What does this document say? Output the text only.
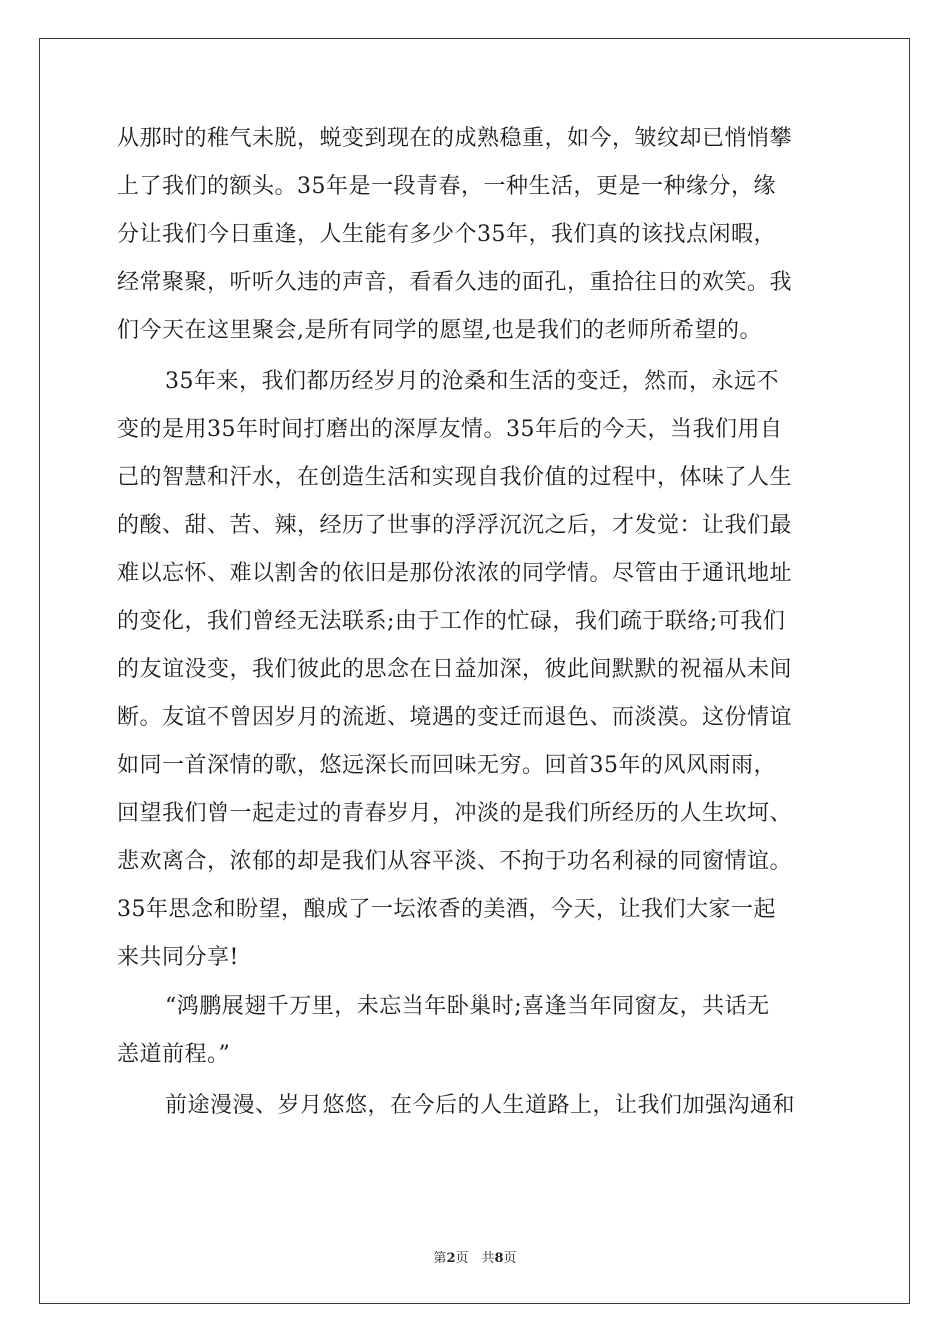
从那时的稚气未脱，蜕变到现在的成熟稳重，如今，皱纹却已悄悄攀
上了我们的额头。35年是一段青春，一种生活，更是一种缘分，缘
分让我们今日重逢，人生能有多少个35年，我们真的该找点闲暇，
经常聚聚，听听久违的声音，看看久违的面孔，重拾往日的欢笑。我
们今天在这里聚会,是所有同学的愿望,也是我们的老师所希望的。
35年来，我们都历经岁月的沧桑和生活的变迁，然而，永远不
变的是用35年时间打磨出的深厚友情。35年后的今天，当我们用自
己的智慧和汗水，在创造生活和实现自我价值的过程中，体味了人生
的酸、甜、苦、辣，经历了世事的浮浮沉沉之后，才发觉：让我们最
难以忘怀、难以割舍的依旧是那份浓浓的同学情。尽管由于通讯地址
的变化，我们曾经无法联系;由于工作的忙碌，我们疏于联络;可我们
的友谊没变，我们彼此的思念在日益加深，彼此间默默的祝福从未间
断。友谊不曾因岁月的流逝、境遇的变迁而退色、而淡漠。这份情谊
如同一首深情的歌，悠远深长而回味无穷。回首35年的风风雨雨，
回望我们曾一起走过的青春岁月，冲淡的是我们所经历的人生坎坷、
悲欢离合，浓郁的却是我们从容平淡、不拘于功名利禄的同窗情谊。
35年思念和盼望，酿成了一坛浓香的美酒，今天，让我们大家一起
来共同分享!
“鸿鹏展翅千万里，未忘当年卧巢时;喜逢当年同窗友，共话无
恙道前程。”
前途漫漫、岁月悠悠，在今后的人生道路上，让我们加强沟通和
第2页　共8页
